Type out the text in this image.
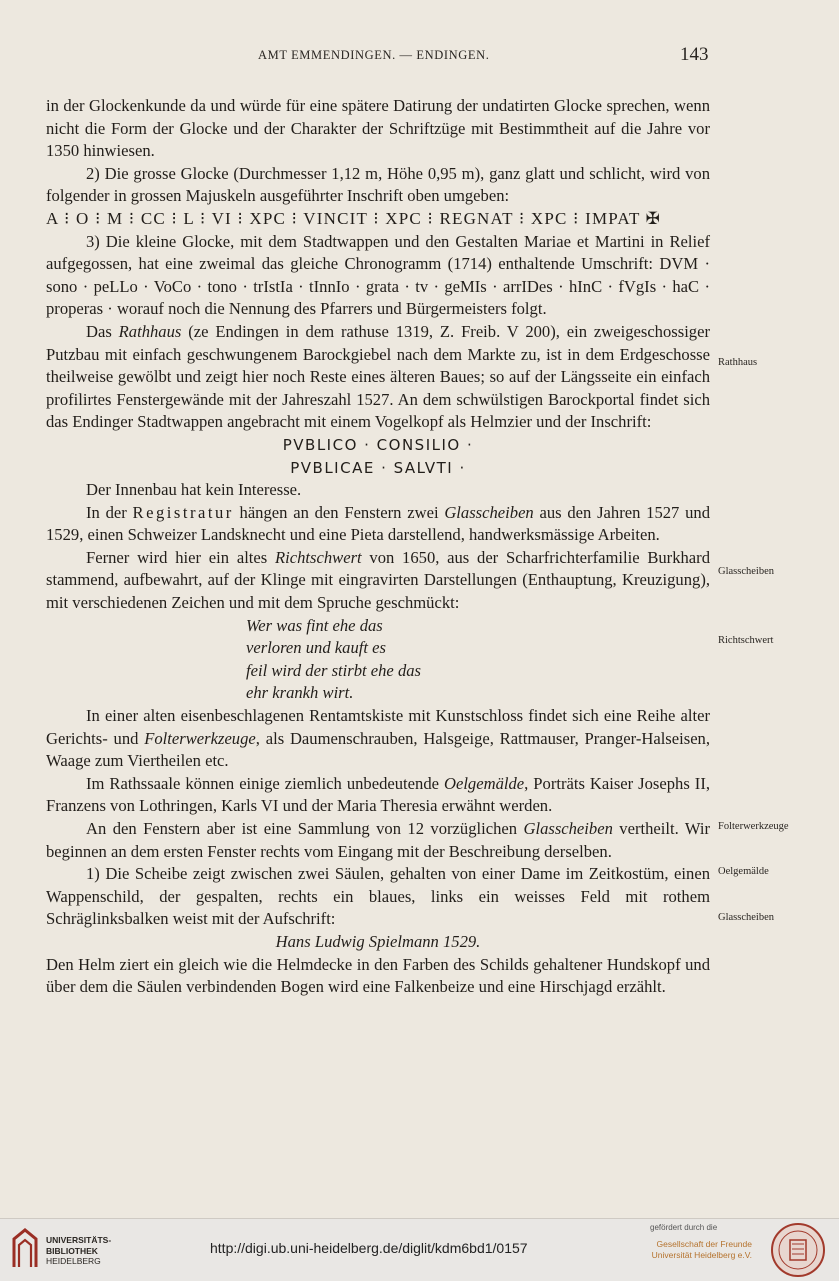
AMT EMMENDINGEN. — ENDINGEN.	143

in der Glockenkunde da und würde für eine spätere Datirung der undatirten Glocke sprechen, wenn nicht die Form der Glocke und der Charakter der Schriftzüge mit Bestimmtheit auf die Jahre vor 1350 hinwiesen.

2) Die grosse Glocke (Durchmesser 1,12 m, Höhe 0,95 m), ganz glatt und schlicht, wird von folgender in grossen Majuskeln ausgeführter Inschrift oben umgeben:

A ⁝ O ⁝ M ⁝ CC ⁝ L ⁝ VI ⁝ XPC ⁝ VINCIT ⁝ XPC ⁝ REGNAT ⁝ XPC ⁝ IMPAT ✠

3) Die kleine Glocke, mit dem Stadtwappen und den Gestalten Mariae et Martini in Relief aufgegossen, hat eine zweimal das gleiche Chronogramm (1714) enthaltende Umschrift: DVM · sono · peLLo · VoCo · tono · trIstIa · tInnIo · grata · tv · geMIs · arrIDes · hInC · fVgIs · haC · properas · worauf noch die Nennung des Pfarrers und Bürgermeisters folgt.

Das Rathhaus (ze Endingen in dem rathuse 1319, Z. Freib. V 200), ein zweigeschossiger Putzbau mit einfach geschwungenem Barockgiebel nach dem Markte zu, ist in dem Erdgeschosse theilweise gewölbt und zeigt hier noch Reste eines älteren Baues; so auf der Längsseite ein einfach profilirtes Fenstergewände mit der Jahreszahl 1527. An dem schwülstigen Barockportal findet sich das Endinger Stadtwappen angebracht mit einem Vogelkopf als Helmzier und der Inschrift:

PVBLICO · CONSILIO ·

PVBLICAE · SALVTI ·

Der Innenbau hat kein Interesse.

In der Registratur hängen an den Fenstern zwei Glasscheiben aus den Jahren 1527 und 1529, einen Schweizer Landsknecht und eine Pieta darstellend, handwerksmässige Arbeiten.

Ferner wird hier ein altes Richtschwert von 1650, aus der Scharfrichterfamilie Burkhard stammend, aufbewahrt, auf der Klinge mit eingravirten Darstellungen (Enthauptung, Kreuzigung), mit verschiedenen Zeichen und mit dem Spruche geschmückt:

Wer was fint ehe das

verloren und kauft es

feil wird der stirbt ehe das

ehr krankh wirt.

In einer alten eisenbeschlagenen Rentamtskiste mit Kunstschloss findet sich eine Reihe alter Gerichts- und Folterwerkzeuge, als Daumenschrauben, Halsgeige, Rattmauser, Pranger-Halseisen, Waage zum Viertheilen etc.

Im Rathssaale können einige ziemlich unbedeutende Oelgemälde, Porträts Kaiser Josephs II, Franzens von Lothringen, Karls VI und der Maria Theresia erwähnt werden.

An den Fenstern aber ist eine Sammlung von 12 vorzüglichen Glasscheiben vertheilt. Wir beginnen an dem ersten Fenster rechts vom Eingang mit der Beschreibung derselben.

1) Die Scheibe zeigt zwischen zwei Säulen, gehalten von einer Dame im Zeitkostüm, einen Wappenschild, der gespalten, rechts ein blaues, links ein weisses Feld mit rothem Schräglinksbalken weist mit der Aufschrift:

Hans Ludwig Spielmann 1529.

Den Helm ziert ein gleich wie die Helmdecke in den Farben des Schilds gehaltener Hundskopf und über dem die Säulen verbindenden Bogen wird eine Falkenbeize und eine Hirschjagd erzählt.

Rathhaus
Glasscheiben
Richtschwert
Folterwerkzeuge
Oelgemälde
Glasscheiben
UNIVERSITÄTS-
BIBLIOTHEK
HEIDELBERG
http://digi.ub.uni-heidelberg.de/diglit/kdm6bd1/0157
gefördert durch die
Gesellschaft der Freunde
Universität Heidelberg e.V.
